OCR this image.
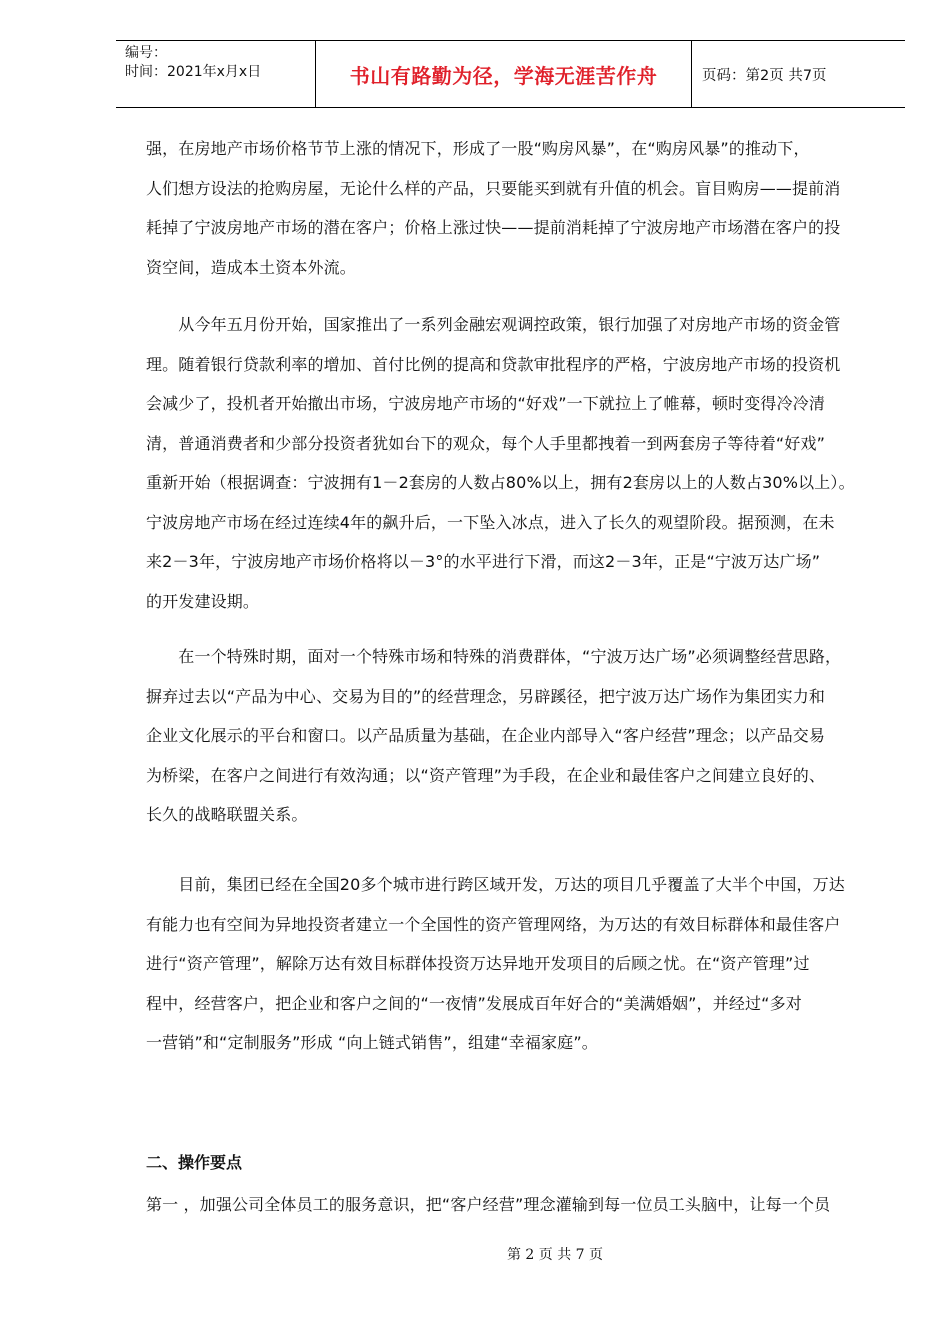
编号：
时间：2021年x月x日	书山有路勤为径，学海无涯苦作舟	页码：第2页 共7页

强，在房地产市场价格节节上涨的情况下，形成了一股“购房风暴”，在“购房风暴”的推动下，

人们想方设法的抢购房屋，无论什么样的产品，只要能买到就有升值的机会。盲目购房——提前消

耗掉了宁波房地产市场的潜在客户；价格上涨过快——提前消耗掉了宁波房地产市场潜在客户的投

资空间，造成本土资本外流。

　　从今年五月份开始，国家推出了一系列金融宏观调控政策，银行加强了对房地产市场的资金管

理。随着银行贷款利率的增加、首付比例的提高和贷款审批程序的严格，宁波房地产市场的投资机

会减少了，投机者开始撤出市场，宁波房地产市场的“好戏”一下就拉上了帷幕，顿时变得冷冷清

清，普通消费者和少部分投资者犹如台下的观众，每个人手里都拽着一到两套房子等待着“好戏”

重新开始（根据调查：宁波拥有1－2套房的人数占80%以上，拥有2套房以上的人数占30%以上）。

宁波房地产市场在经过连续4年的飙升后，一下坠入冰点，进入了长久的观望阶段。据预测，在未

来2－3年，宁波房地产市场价格将以－3°的水平进行下滑，而这2－3年，正是“宁波万达广场”

的开发建设期。

　　在一个特殊时期，面对一个特殊市场和特殊的消费群体，“宁波万达广场”必须调整经营思路，

摒弃过去以“产品为中心、交易为目的”的经营理念，另辟蹊径，把宁波万达广场作为集团实力和

企业文化展示的平台和窗口。以产品质量为基础，在企业内部导入“客户经营”理念；以产品交易

为桥梁，在客户之间进行有效沟通；以“资产管理”为手段，在企业和最佳客户之间建立良好的、

长久的战略联盟关系。

　　目前，集团已经在全国20多个城市进行跨区域开发，万达的项目几乎覆盖了大半个中国，万达

有能力也有空间为异地投资者建立一个全国性的资产管理网络，为万达的有效目标群体和最佳客户

进行“资产管理”，解除万达有效目标群体投资万达异地开发项目的后顾之忧。在“资产管理”过

程中，经营客户，把企业和客户之间的“一夜情”发展成百年好合的“美满婚姻”，并经过“多对

一营销”和“定制服务”形成 “向上链式销售”，组建“幸福家庭”。

二、操作要点

第一 ，加强公司全体员工的服务意识，把“客户经营”理念灌输到每一位员工头脑中，让每一个员

第 2 页 共 7 页
